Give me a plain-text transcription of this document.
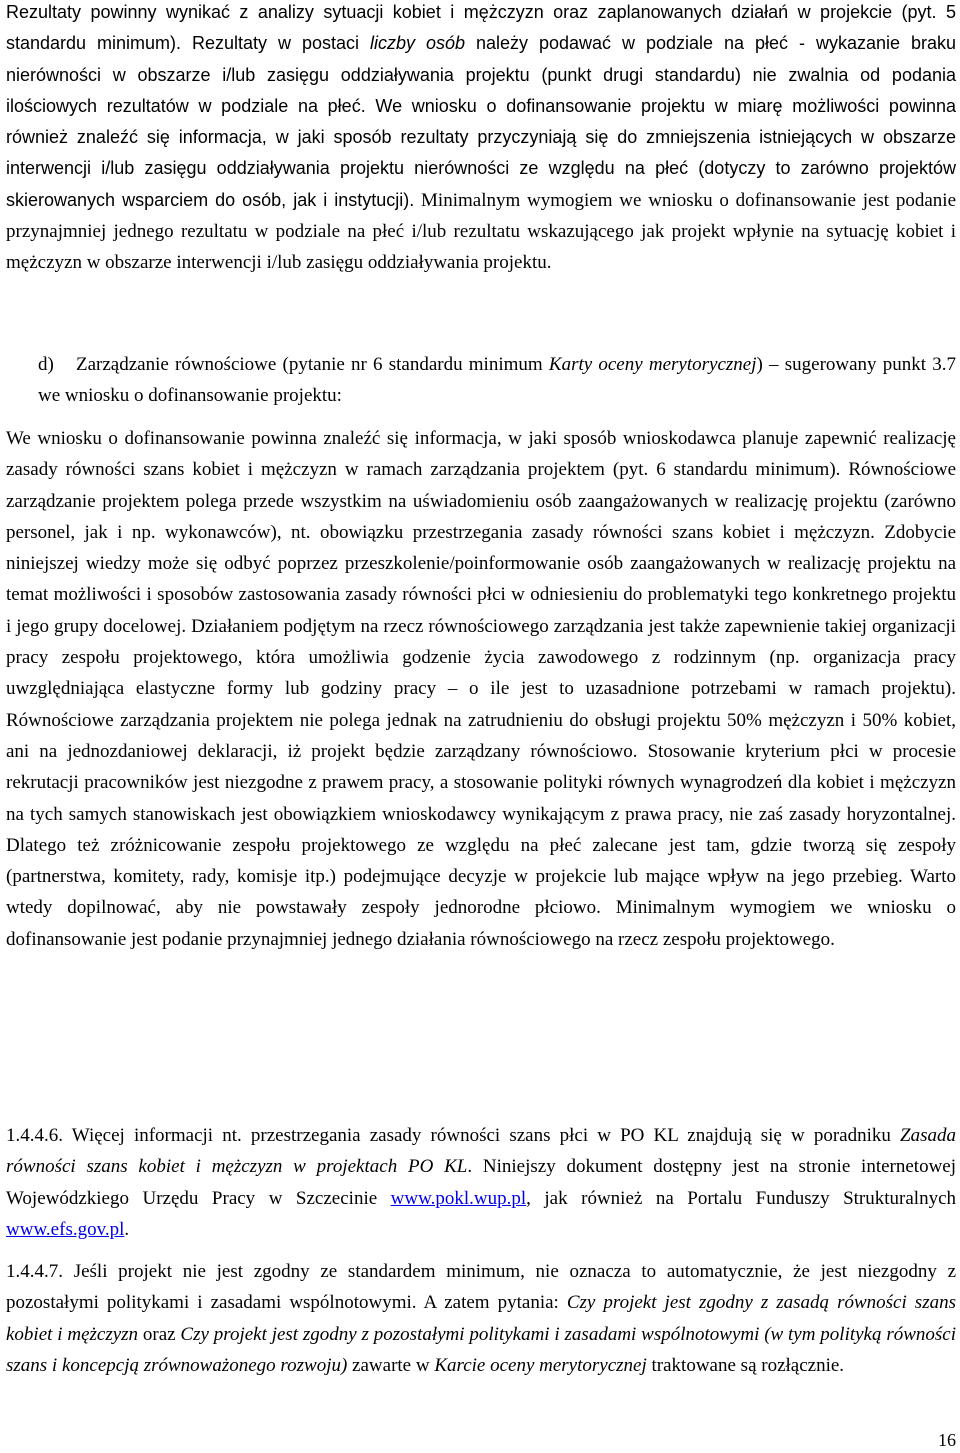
Rezultaty powinny wynikać z analizy sytuacji kobiet i mężczyzn oraz zaplanowanych działań w projekcie (pyt. 5 standardu minimum). Rezultaty w postaci liczby osób należy podawać w podziale na płeć - wykazanie braku nierówności w obszarze i/lub zasięgu oddziaływania projektu (punkt drugi standardu) nie zwalnia od podania ilościowych rezultatów w podziale na płeć. We wniosku o dofinansowanie projektu w miarę możliwości powinna również znaleźć się informacja, w jaki sposób rezultaty przyczyniają się do zmniejszenia istniejących w obszarze interwencji i/lub zasięgu oddziaływania projektu nierówności ze względu na płeć (dotyczy to zarówno projektów skierowanych wsparciem do osób, jak i instytucji). Minimalnym wymogiem we wniosku o dofinansowanie jest podanie przynajmniej jednego rezultatu w podziale na płeć i/lub rezultatu wskazującego jak projekt wpłynie na sytuację kobiet i mężczyzn w obszarze interwencji i/lub zasięgu oddziaływania projektu.

d) Zarządzanie równościowe (pytanie nr 6 standardu minimum Karty oceny merytorycznej) – sugerowany punkt 3.7 we wniosku o dofinansowanie projektu:

We wniosku o dofinansowanie powinna znaleźć się informacja, w jaki sposób wnioskodawca planuje zapewnić realizację zasady równości szans kobiet i mężczyzn w ramach zarządzania projektem (pyt. 6 standardu minimum). Równościowe zarządzanie projektem polega przede wszystkim na uświadomieniu osób zaangażowanych w realizację projektu (zarówno personel, jak i np. wykonawców), nt. obowiązku przestrzegania zasady równości szans kobiet i mężczyzn. Zdobycie niniejszej wiedzy może się odbyć poprzez przeszkolenie/poinformowanie osób zaangażowanych w realizację projektu na temat możliwości i sposobów zastosowania zasady równości płci w odniesieniu do problematyki tego konkretnego projektu i jego grupy docelowej. Działaniem podjętym na rzecz równościowego zarządzania jest także zapewnienie takiej organizacji pracy zespołu projektowego, która umożliwia godzenie życia zawodowego z rodzinnym (np. organizacja pracy uwzględniająca elastyczne formy lub godziny pracy – o ile jest to uzasadnione potrzebami w ramach projektu). Równościowe zarządzania projektem nie polega jednak na zatrudnieniu do obsługi projektu 50% mężczyzn i 50% kobiet, ani na jednozdaniowej deklaracji, iż projekt będzie zarządzany równościowo. Stosowanie kryterium płci w procesie rekrutacji pracowników jest niezgodne z prawem pracy, a stosowanie polityki równych wynagrodzeń dla kobiet i mężczyzn na tych samych stanowiskach jest obowiązkiem wnioskodawcy wynikającym z prawa pracy, nie zaś zasady horyzontalnej. Dlatego też zróżnicowanie zespołu projektowego ze względu na płeć zalecane jest tam, gdzie tworzą się zespoły (partnerstwa, komitety, rady, komisje itp.) podejmujące decyzje w projekcie lub mające wpływ na jego przebieg. Warto wtedy dopilnować, aby nie powstawały zespoły jednorodne płciowo. Minimalnym wymogiem we wniosku o dofinansowanie jest podanie przynajmniej jednego działania równościowego na rzecz zespołu projektowego.

1.4.4.6. Więcej informacji nt. przestrzegania zasady równości szans płci w PO KL znajdują się w poradniku Zasada równości szans kobiet i mężczyzn w projektach PO KL. Niniejszy dokument dostępny jest na stronie internetowej Wojewódzkiego Urzędu Pracy w Szczecinie www.pokl.wup.pl, jak również na Portalu Funduszy Strukturalnych www.efs.gov.pl.

1.4.4.7. Jeśli projekt nie jest zgodny ze standardem minimum, nie oznacza to automatycznie, że jest niezgodny z pozostałymi politykami i zasadami wspólnotowymi. A zatem pytania: Czy projekt jest zgodny z zasadą równości szans kobiet i mężczyzn oraz Czy projekt jest zgodny z pozostałymi politykami i zasadami wspólnotowymi (w tym polityką równości szans i koncepcją zrównoważonego rozwoju) zawarte w Karcie oceny merytorycznej traktowane są rozłącznie.

16
